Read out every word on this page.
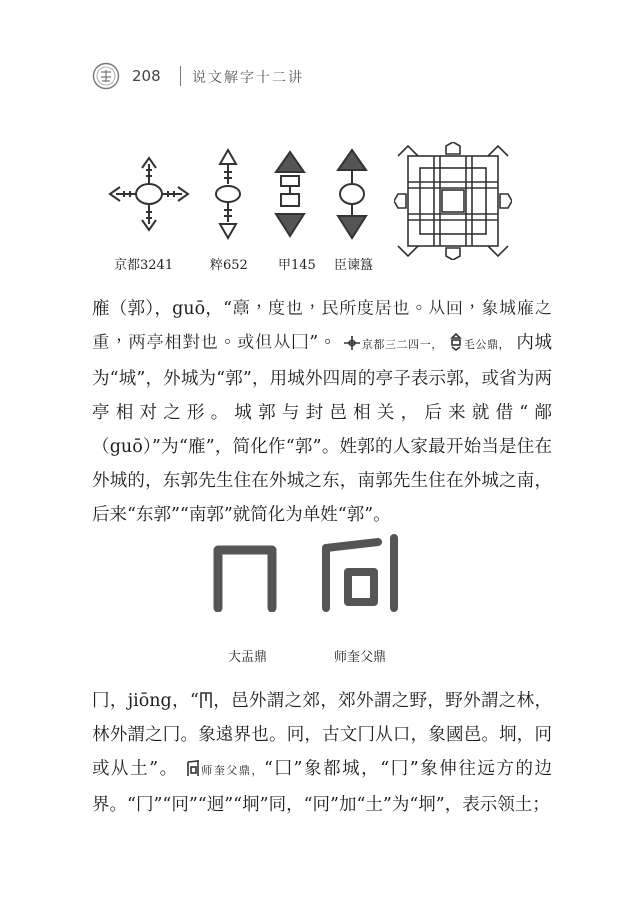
208 说文解字十二讲
京都3241	粹652 甲145 臣谏簋

䧹（郭），guō，“𩫖，度也，民所度居也。从回，象城䧹之重，两亭相對也。或但从囗”。 京都三二四一， 毛公鼎， 内城为“城”，外城为“郭”，用城外四周的亭子表示郭，或省为两亭相对之形。城郭与封邑相关，后来就借“䣊（guō）”为“䧹”，简化作“郭”。姓郭的人家最开始当是住在外城的，东郭先生住在外城之东，南郭先生住在外城之南，后来“东郭”“南郭”就简化为单姓“郭”。

大盂鼎	师奎父鼎

冂，jiōng，“ ，邑外謂之郊，郊外謂之野，野外謂之林，林外謂之冂。象遠界也。冋，古文冂从口，象國邑。坰，冋或从土”。 师奎父鼎，“囗”象都城，“冂”象伸往远方的边界。“冂”“冋”“迥”“坰”同，“冋”加“土”为“坰”，表示领土；
